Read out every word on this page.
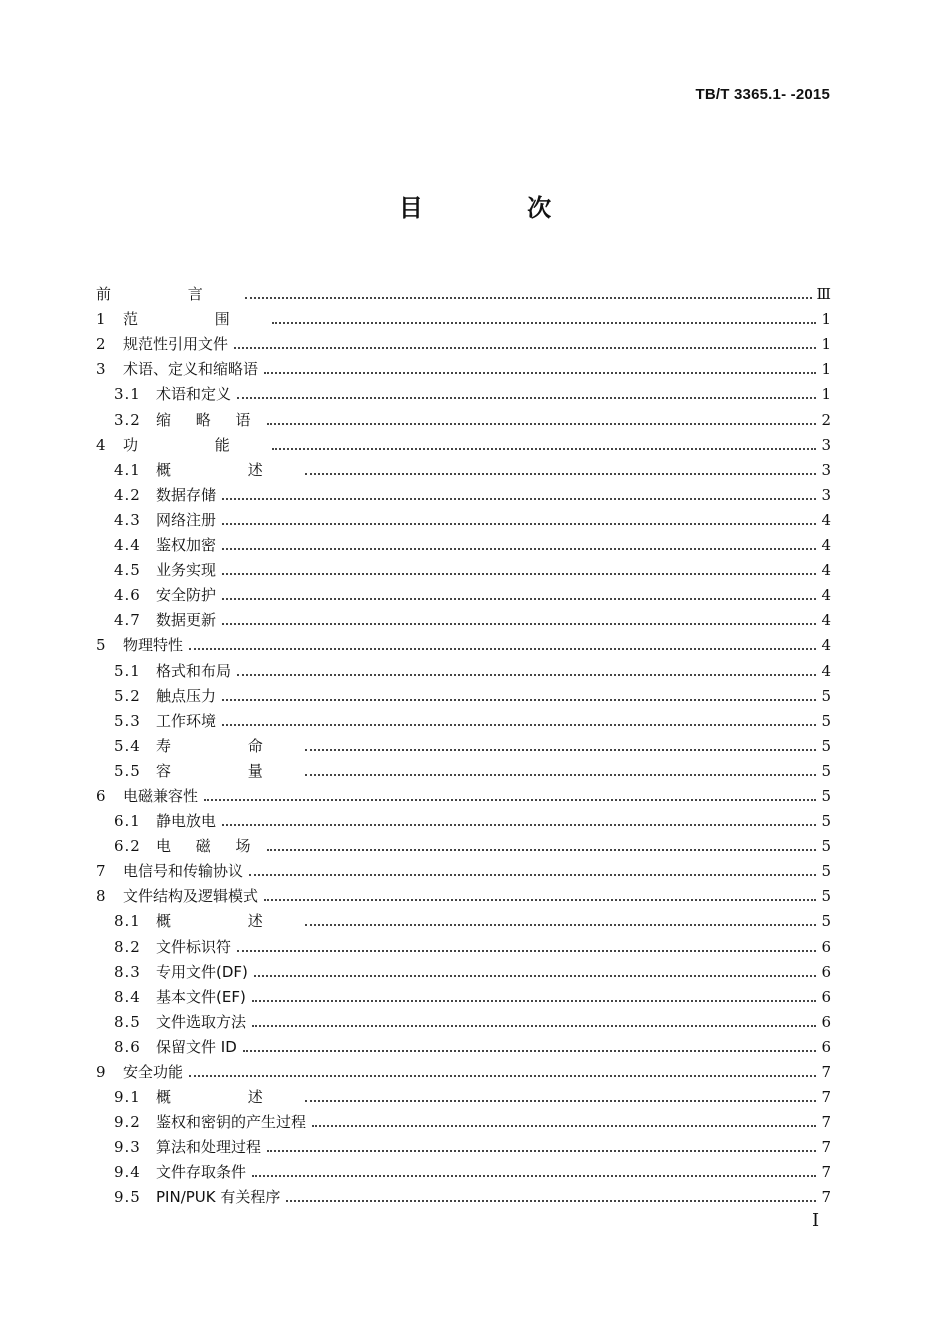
TB/T 3365.1- -2015
目 次
前 言	Ⅲ
1	范 围	1
2	规范性引用文件	1
3	术语、定义和缩略语	1
3.1	术语和定义	1
3.2	缩 略 语	2
4	功 能	3
4.1	概 述	3
4.2	数据存储	3
4.3	网络注册	4
4.4	鉴权加密	4
4.5	业务实现	4
4.6	安全防护	4
4.7	数据更新	4
5	物理特性	4
5.1	格式和布局	4
5.2	触点压力	5
5.3	工作环境	5
5.4	寿 命	5
5.5	容 量	5
6	电磁兼容性	5
6.1	静电放电	5
6.2	电 磁 场	5
7	电信号和传输协议	5
8	文件结构及逻辑模式	5
8.1	概 述	5
8.2	文件标识符	6
8.3	专用文件(DF)	6
8.4	基本文件(EF)	6
8.5	文件选取方法	6
8.6	保留文件 ID	6
9	安全功能	7
9.1	概 述	7
9.2	鉴权和密钥的产生过程	7
9.3	算法和处理过程	7
9.4	文件存取条件	7
9.5	PIN/PUK 有关程序	7
I
